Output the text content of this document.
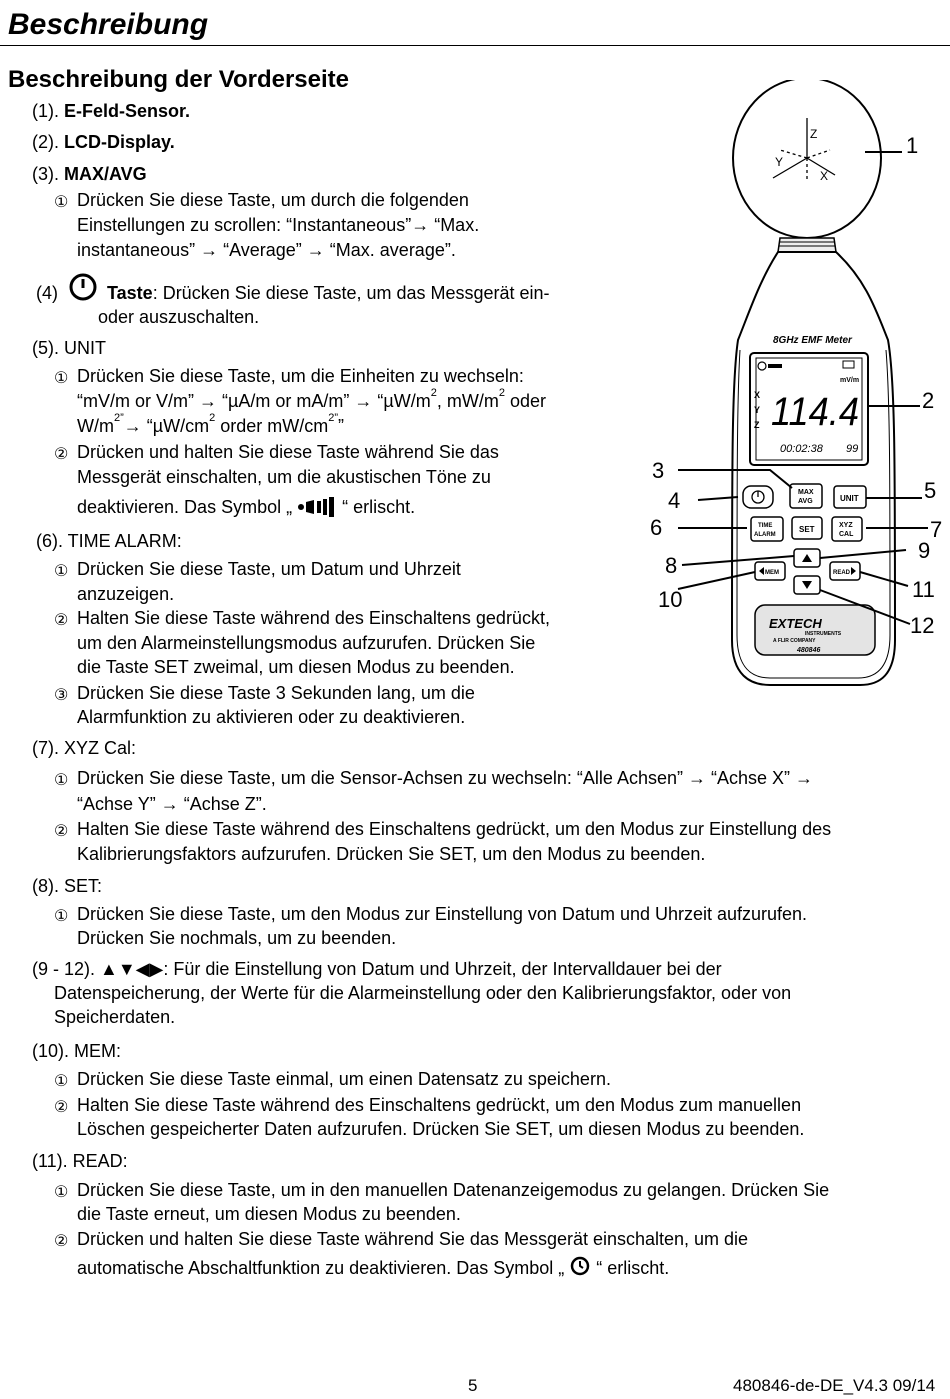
Beschreibung
Beschreibung der Vorderseite
(1). E-Feld-Sensor.
(2). LCD-Display.
(3). MAX/AVG
① Drücken Sie diese Taste, um durch die folgenden
Einstellungen zu scrollen: “Instantaneous”→ “Max.
instantaneous” → “Average” → “Max. average”.
(4)	Taste: Drücken Sie diese Taste, um das Messgerät ein-
oder auszuschalten.
(5). UNIT
① Drücken Sie diese Taste, um die Einheiten zu wechseln:
“mV/m or V/m” → “µA/m or mA/m” → “$\mu W/m^2$, $mW/m^2$ oder
$W/m^{2”}\to$ “$\mu W/cm^2$ order $mW/cm^{2”}$”
② Drücken und halten Sie diese Taste während Sie das
Messgerät einschalten, um die akustischen Töne zu
deaktivieren. Das Symbol „	“ erlischt.
(6). TIME ALARM:
① Drücken Sie diese Taste, um Datum und Uhrzeit
anzuzeigen.
② Halten Sie diese Taste während des Einschaltens gedrückt,
um den Alarmeinstellungsmodus aufzurufen. Drücken Sie
die Taste SET zweimal, um diesen Modus zu beenden.
③ Drücken Sie diese Taste 3 Sekunden lang, um die
Alarmfunktion zu aktivieren oder zu deaktivieren.
(7). XYZ Cal:
① Drücken Sie diese Taste, um die Sensor-Achsen zu wechseln: “Alle Achsen” → “Achse X” →
“Achse Y” → “Achse Z”.
② Halten Sie diese Taste während des Einschaltens gedrückt, um den Modus zur Einstellung des
Kalibrierungsfaktors aufzurufen. Drücken Sie SET, um den Modus zu beenden.
(8). SET:
① Drücken Sie diese Taste, um den Modus zur Einstellung von Datum und Uhrzeit aufzurufen.
Drücken Sie nochmals, um zu beenden.
(9 - 12). ▲▼◀▶: Für die Einstellung von Datum und Uhrzeit, der Intervalldauer bei der
Datenspeicherung, der Werte für die Alarmeinstellung oder den Kalibrierungsfaktor, oder von
Speicherdaten.
(10). MEM:
① Drücken Sie diese Taste einmal, um einen Datensatz zu speichern.
② Halten Sie diese Taste während des Einschaltens gedrückt, um den Modus zum manuellen
Löschen gespeicherter Daten aufzurufen. Drücken Sie SET, um diesen Modus zu beenden.
(11). READ:
① Drücken Sie diese Taste, um in den manuellen Datenanzeigemodus zu gelangen. Drücken Sie
die Taste erneut, um diesen Modus zu beenden.
② Drücken und halten Sie diese Taste während Sie das Messgerät einschalten, um die
automatische Abschaltfunktion zu deaktivieren. Das Symbol „ “ erlischt.
Z
Y
X
8GHz EMF Meter
mV/m
X
Y
Z 114.4
00:02:38 99
MAX
AVG	UNIT
TIME
ALARM
SET	XYZ
CAL
MEM	READ
EXTECH
INSTRUMENTS
A FLIR COMPANY
480846
1
2
3
4	5
6	7
8
9
10	11
12
5	480846-de-DE_V4.3 09/14
